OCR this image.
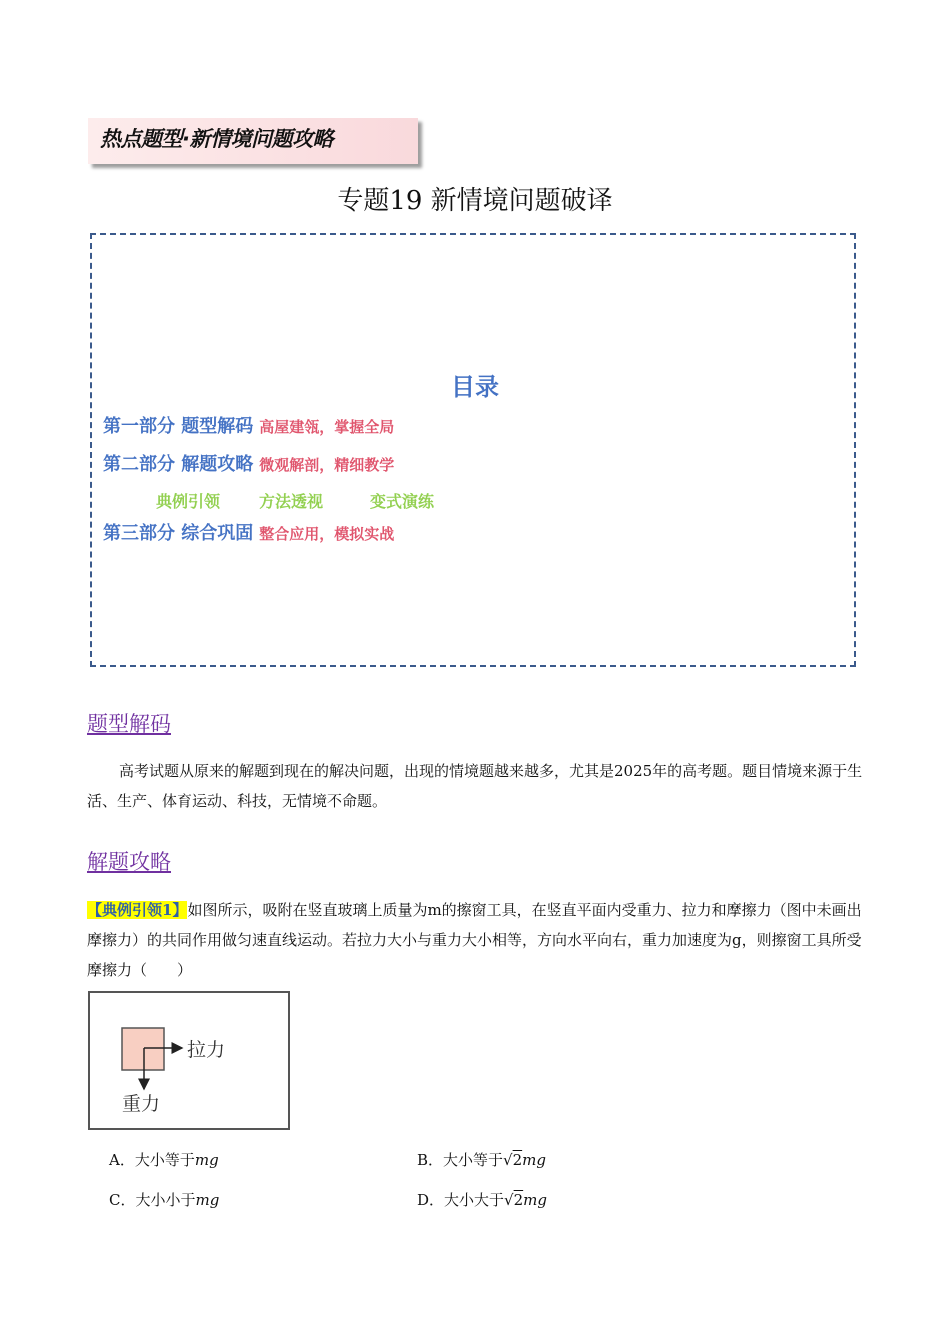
热点题型·新情境问题攻略
专题19 新情境问题破译
目录
第一部分 题型解码 高屋建瓴，掌握全局
第二部分 解题攻略 微观解剖，精细教学
典例引领 方法透视	变式演练
第三部分 综合巩固 整合应用，模拟实战
题型解码
高考试题从原来的解题到现在的解决问题，出现的情境题越来越多，尤其是2025年的高考题。题目情境来源于生活、生产、体育运动、科技，无情境不命题。
解题攻略
【典例引领1】如图所示，吸附在竖直玻璃上质量为m的擦窗工具，在竖直平面内受重力、拉力和摩擦力（图中未画出摩擦力）的共同作用做匀速直线运动。若拉力大小与重力大小相等，方向水平向右，重力加速度为g，则擦窗工具所受摩擦力（　　）
拉力
重力
A．大小等于mg	B．大小等于√2mg
C．大小小于mg	D．大小大于√2mg
